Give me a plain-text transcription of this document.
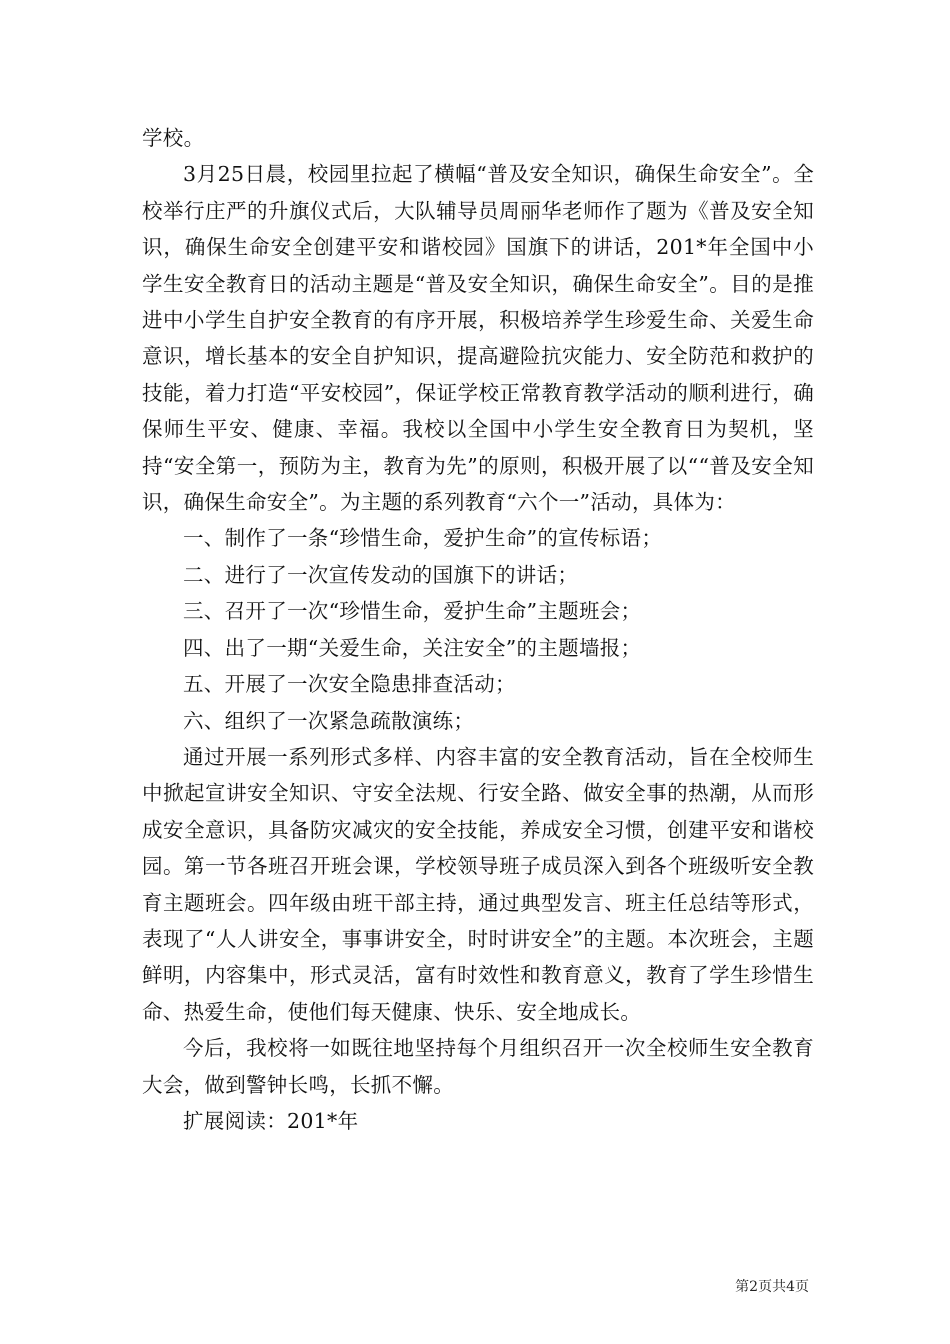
学校。

3月25日晨，校园里拉起了横幅“普及安全知识，确保生命安全”。全校举行庄严的升旗仪式后，大队辅导员周丽华老师作了题为《普及安全知识，确保生命安全创建平安和谐校园》国旗下的讲话，201*年全国中小学生安全教育日的活动主题是“普及安全知识，确保生命安全”。目的是推进中小学生自护安全教育的有序开展，积极培养学生珍爱生命、关爱生命意识，增长基本的安全自护知识，提高避险抗灾能力、安全防范和救护的技能，着力打造“平安校园”，保证学校正常教育教学活动的顺利进行，确保师生平安、健康、幸福。我校以全国中小学生安全教育日为契机，坚持“安全第一，预防为主，教育为先”的原则，积极开展了以““普及安全知识，确保生命安全”。为主题的系列教育“六个一”活动，具体为：

一、制作了一条“珍惜生命，爱护生命”的宣传标语；

二、进行了一次宣传发动的国旗下的讲话；

三、召开了一次“珍惜生命，爱护生命”主题班会；

四、出了一期“关爱生命，关注安全”的主题墙报；

五、开展了一次安全隐患排查活动；

六、组织了一次紧急疏散演练；

通过开展一系列形式多样、内容丰富的安全教育活动，旨在全校师生中掀起宣讲安全知识、守安全法规、行安全路、做安全事的热潮，从而形成安全意识，具备防灾减灾的安全技能，养成安全习惯，创建平安和谐校园。第一节各班召开班会课，学校领导班子成员深入到各个班级听安全教育主题班会。四年级由班干部主持，通过典型发言、班主任总结等形式，表现了“人人讲安全，事事讲安全，时时讲安全”的主题。本次班会，主题鲜明，内容集中，形式灵活，富有时效性和教育意义，教育了学生珍惜生命、热爱生命，使他们每天健康、快乐、安全地成长。

今后，我校将一如既往地坚持每个月组织召开一次全校师生安全教育大会，做到警钟长鸣，长抓不懈。

扩展阅读：201*年

第2页共4页
